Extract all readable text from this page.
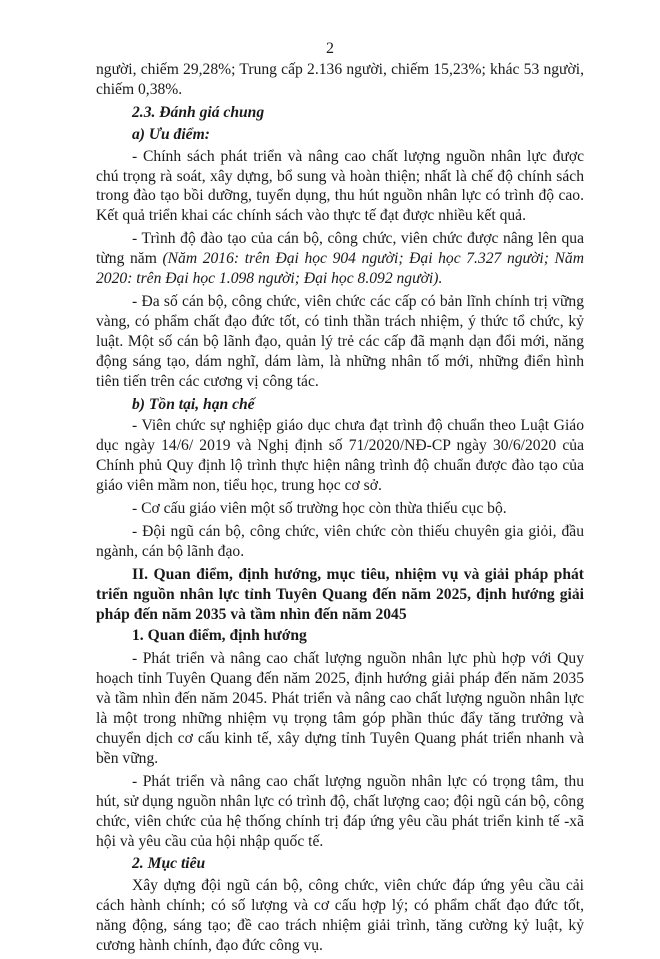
2

người, chiếm 29,28%; Trung cấp 2.136 người, chiếm 15,23%; khác 53 người, chiếm 0,38%.

2.3. Đánh giá chung

a) Ưu điểm:

- Chính sách phát triển và nâng cao chất lượng nguồn nhân lực được chú trọng rà soát, xây dựng, bổ sung và hoàn thiện; nhất là chế độ chính sách trong đào tạo bồi dưỡng, tuyển dụng, thu hút nguồn nhân lực có trình độ cao. Kết quả triển khai các chính sách vào thực tế đạt được nhiều kết quả.

- Trình độ đào tạo của cán bộ, công chức, viên chức được nâng lên qua từng năm (Năm 2016: trên Đại học 904 người; Đại học 7.327 người; Năm 2020: trên Đại học 1.098 người; Đại học 8.092 người).

- Đa số cán bộ, công chức, viên chức các cấp có bản lĩnh chính trị vững vàng, có phẩm chất đạo đức tốt, có tinh thần trách nhiệm, ý thức tổ chức, kỷ luật. Một số cán bộ lãnh đạo, quản lý trẻ các cấp đã mạnh dạn đổi mới, năng động sáng tạo, dám nghĩ, dám làm, là những nhân tố mới, những điển hình tiên tiến trên các cương vị công tác.

b) Tồn tại, hạn chế

- Viên chức sự nghiệp giáo dục chưa đạt trình độ chuẩn theo Luật Giáo dục ngày 14/6/ 2019 và Nghị định số 71/2020/NĐ-CP ngày 30/6/2020 của Chính phủ Quy định lộ trình thực hiện nâng trình độ chuẩn được đào tạo của giáo viên mầm non, tiểu học, trung học cơ sở.

- Cơ cấu giáo viên một số trường học còn thừa thiếu cục bộ.

- Đội ngũ cán bộ, công chức, viên chức còn thiếu chuyên gia giỏi, đầu ngành, cán bộ lãnh đạo.

II. Quan điểm, định hướng, mục tiêu, nhiệm vụ và giải pháp phát triển nguồn nhân lực tỉnh Tuyên Quang đến năm 2025, định hướng giải pháp đến năm 2035 và tầm nhìn đến năm 2045

1. Quan điểm, định hướng

- Phát triển và nâng cao chất lượng nguồn nhân lực phù hợp với Quy hoạch tỉnh Tuyên Quang đến năm 2025, định hướng giải pháp đến năm 2035 và tầm nhìn đến năm 2045. Phát triển và nâng cao chất lượng nguồn nhân lực là một trong những nhiệm vụ trọng tâm góp phần thúc đẩy tăng trưởng và chuyển dịch cơ cấu kinh tế, xây dựng tỉnh Tuyên Quang phát triển nhanh và bền vững.

- Phát triển và nâng cao chất lượng nguồn nhân lực có trọng tâm, thu hút, sử dụng nguồn nhân lực có trình độ, chất lượng cao; đội ngũ cán bộ, công chức, viên chức của hệ thống chính trị đáp ứng yêu cầu phát triển kinh tế -xã hội và yêu cầu của hội nhập quốc tế.

2. Mục tiêu

Xây dựng đội ngũ cán bộ, công chức, viên chức đáp ứng yêu cầu cải cách hành chính; có số lượng và cơ cấu hợp lý; có phẩm chất đạo đức tốt, năng động, sáng tạo; đề cao trách nhiệm giải trình, tăng cường kỷ luật, kỷ cương hành chính, đạo đức công vụ.
